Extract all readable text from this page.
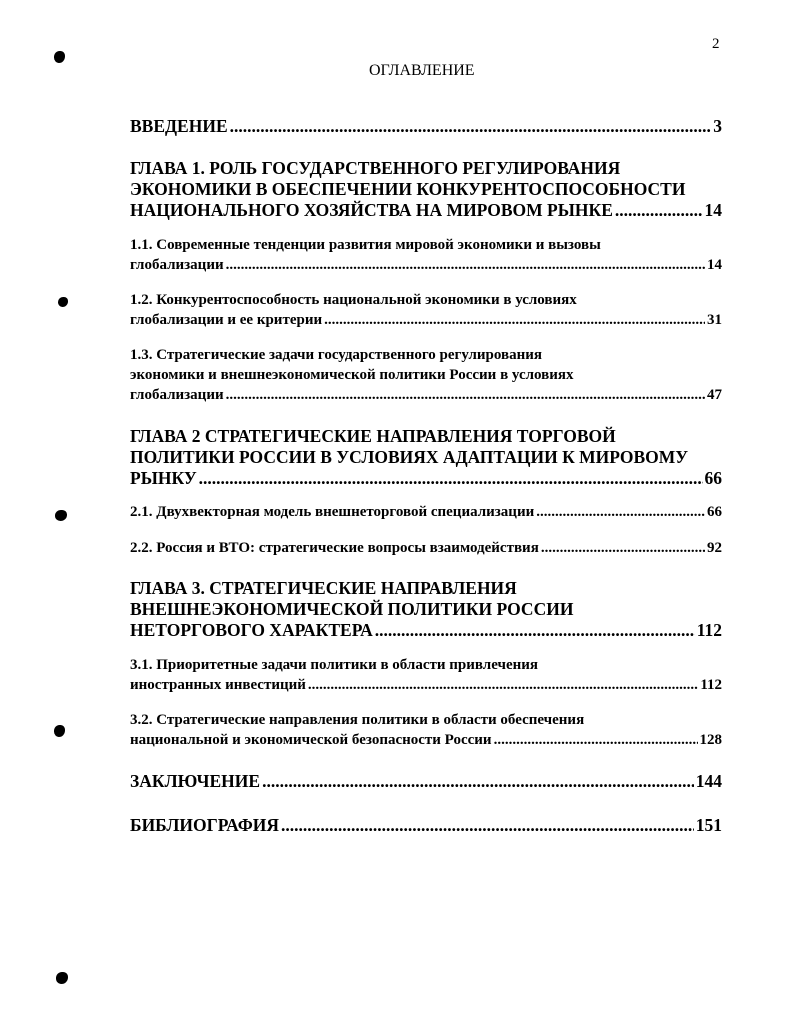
2
ОГЛАВЛЕНИЕ
ВВЕДЕНИЕ .....	3
ГЛАВА 1. РОЛЬ ГОСУДАРСТВЕННОГО РЕГУЛИРОВАНИЯ
ЭКОНОМИКИ В ОБЕСПЕЧЕНИИ КОНКУРЕНТОСПОСОБНОСТИ
НАЦИОНАЛЬНОГО ХОЗЯЙСТВА НА МИРОВОМ РЫНКЕ .....	14
1.1. Современные тенденции развития мировой экономики и вызовы
глобализации .....	14
1.2. Конкурентоспособность национальной экономики в условиях
глобализации и ее критерии .....	31
1.3. Стратегические задачи государственного регулирования
экономики и внешнеэкономической политики России в условиях
глобализации .....	47
ГЛАВА 2 СТРАТЕГИЧЕСКИЕ НАПРАВЛЕНИЯ ТОРГОВОЙ
ПОЛИТИКИ РОССИИ В УСЛОВИЯХ АДАПТАЦИИ К МИРОВОМУ
РЫНКУ .....	66
2.1. Двухвекторная модель внешнеторговой специализации .....	66
2.2. Россия и ВТО: стратегические вопросы взаимодействия .....	92
ГЛАВА 3. СТРАТЕГИЧЕСКИЕ НАПРАВЛЕНИЯ
ВНЕШНЕЭКОНОМИЧЕСКОЙ ПОЛИТИКИ РОССИИ
НЕТОРГОВОГО ХАРАКТЕРА .....	112
3.1. Приоритетные задачи политики в области привлечения
иностранных инвестиций .....	112
3.2. Стратегические направления политики в области обеспечения
национальной и экономической безопасности России .....	128
ЗАКЛЮЧЕНИЕ .....	144
БИБЛИОГРАФИЯ .....	151
